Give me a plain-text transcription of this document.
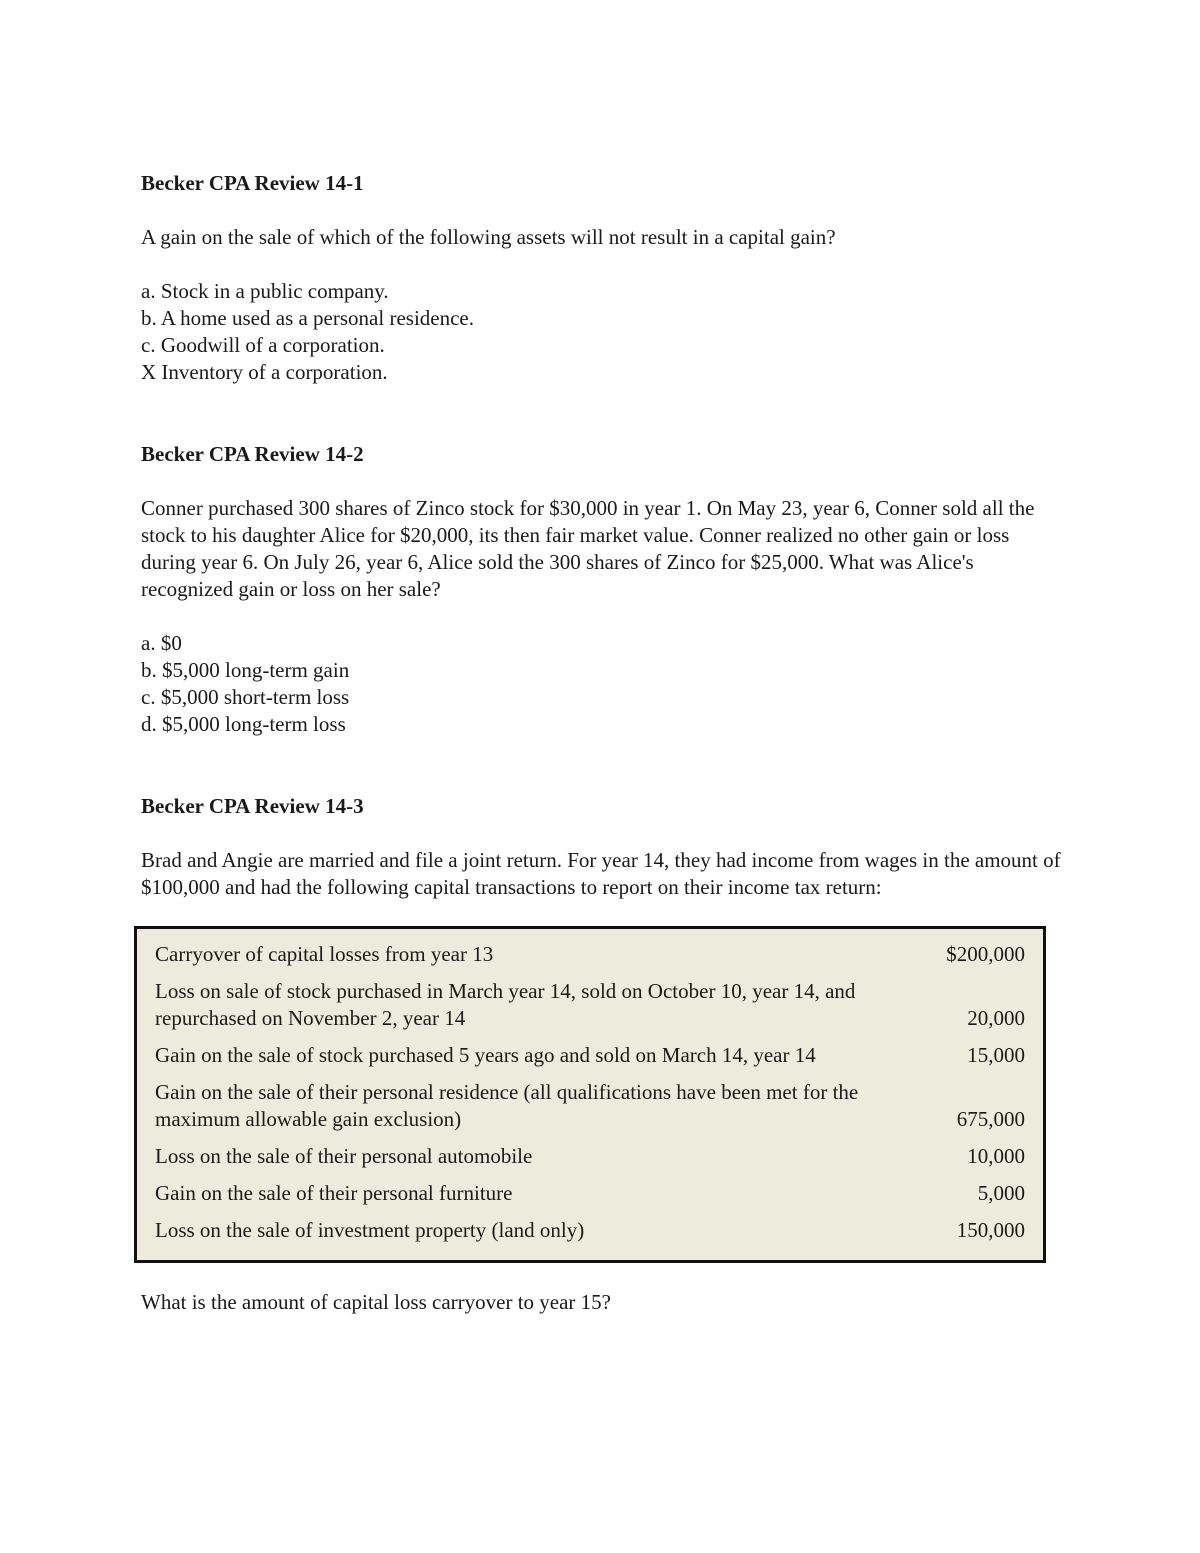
Becker CPA Review 14-1

A gain on the sale of which of the following assets will not result in a capital gain?

a. Stock in a public company.
b. A home used as a personal residence.
c. Goodwill of a corporation.
X Inventory of a corporation.

Becker CPA Review 14-2

Conner purchased 300 shares of Zinco stock for $30,000 in year 1. On May 23, year 6, Conner sold all the stock to his daughter Alice for $20,000, its then fair market value. Conner realized no other gain or loss during year 6. On July 26, year 6, Alice sold the 300 shares of Zinco for $25,000. What was Alice's recognized gain or loss on her sale?

a. $0
b. $5,000 long-term gain
c. $5,000 short-term loss
d. $5,000 long-term loss

Becker CPA Review 14-3

Brad and Angie are married and file a joint return. For year 14, they had income from wages in the amount of $100,000 and had the following capital transactions to report on their income tax return:

Carryover of capital losses from year 13	$200,000
Loss on sale of stock purchased in March year 14, sold on October 10, year 14, and repurchased on November 2, year 14	20,000
Gain on the sale of stock purchased 5 years ago and sold on March 14, year 14	15,000
Gain on the sale of their personal residence (all qualifications have been met for the maximum allowable gain exclusion)	675,000
Loss on the sale of their personal automobile	10,000
Gain on the sale of their personal furniture	5,000
Loss on the sale of investment property (land only)	150,000

What is the amount of capital loss carryover to year 15?
